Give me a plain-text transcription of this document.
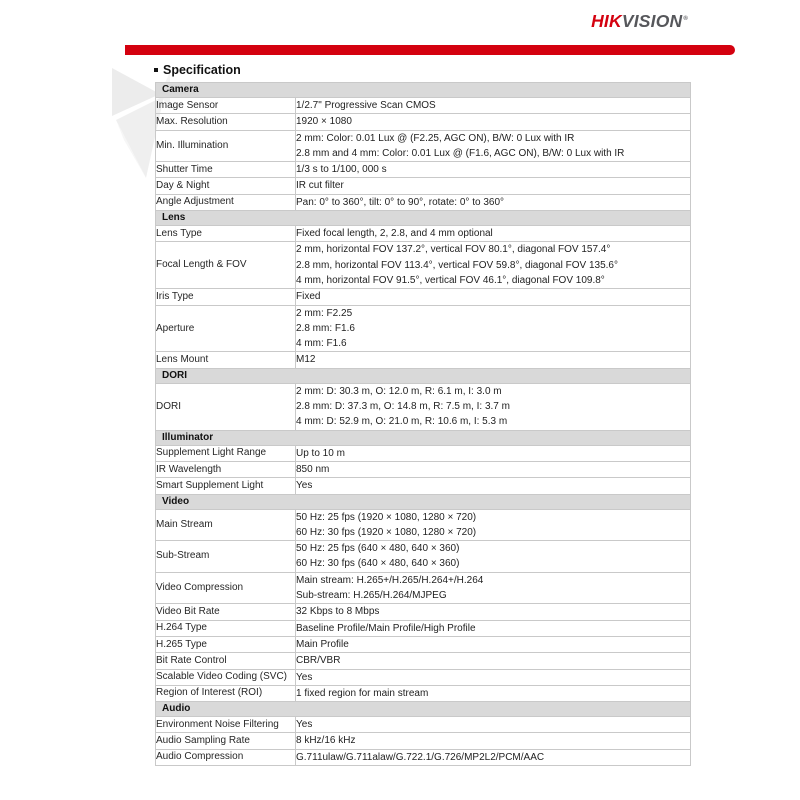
HIKVISION®
Specification
Camera	
Image Sensor	1/2.7" Progressive Scan CMOS

Max. Resolution	1920 × 1080

Min. Illumination	2 mm: Color: 0.01 Lux @ (F2.25, AGC ON), B/W: 0 Lux with IR
2.8 mm and 4 mm: Color: 0.01 Lux @ (F1.6, AGC ON), B/W: 0 Lux with IR

Shutter Time	1/3 s to 1/100, 000 s

Day & Night	IR cut filter

Angle Adjustment	Pan: 0° to 360°, tilt: 0° to 90°, rotate: 0° to 360°

Lens	
Lens Type	Fixed focal length, 2, 2.8, and 4 mm optional

Focal Length & FOV	2 mm, horizontal FOV 137.2°, vertical FOV 80.1°, diagonal FOV 157.4°
2.8 mm, horizontal FOV 113.4°, vertical FOV 59.8°, diagonal FOV 135.6°
4 mm, horizontal FOV 91.5°, vertical FOV 46.1°, diagonal FOV 109.8°

Iris Type	Fixed

Aperture	2 mm: F2.25
2.8 mm: F1.6
4 mm: F1.6

Lens Mount	M12

DORI	
DORI	2 mm: D: 30.3 m, O: 12.0 m, R: 6.1 m, I: 3.0 m
2.8 mm: D: 37.3 m, O: 14.8 m, R: 7.5 m, I: 3.7 m
4 mm: D: 52.9 m, O: 21.0 m, R: 10.6 m, I: 5.3 m

Illuminator	
Supplement Light Range	Up to 10 m

IR Wavelength	850 nm

Smart Supplement Light	Yes

Video	
Main Stream	50 Hz: 25 fps (1920 × 1080, 1280 × 720)
60 Hz: 30 fps (1920 × 1080, 1280 × 720)

Sub-Stream	50 Hz: 25 fps (640 × 480, 640 × 360)
60 Hz: 30 fps (640 × 480, 640 × 360)

Video Compression	Main stream: H.265+/H.265/H.264+/H.264
Sub-stream: H.265/H.264/MJPEG

Video Bit Rate	32 Kbps to 8 Mbps

H.264 Type	Baseline Profile/Main Profile/High Profile

H.265 Type	Main Profile

Bit Rate Control	CBR/VBR

Scalable Video Coding (SVC)	Yes

Region of Interest (ROI)	1 fixed region for main stream

Audio	
Environment Noise Filtering	Yes

Audio Sampling Rate	8 kHz/16 kHz

Audio Compression	G.711ulaw/G.711alaw/G.722.1/G.726/MP2L2/PCM/AAC
